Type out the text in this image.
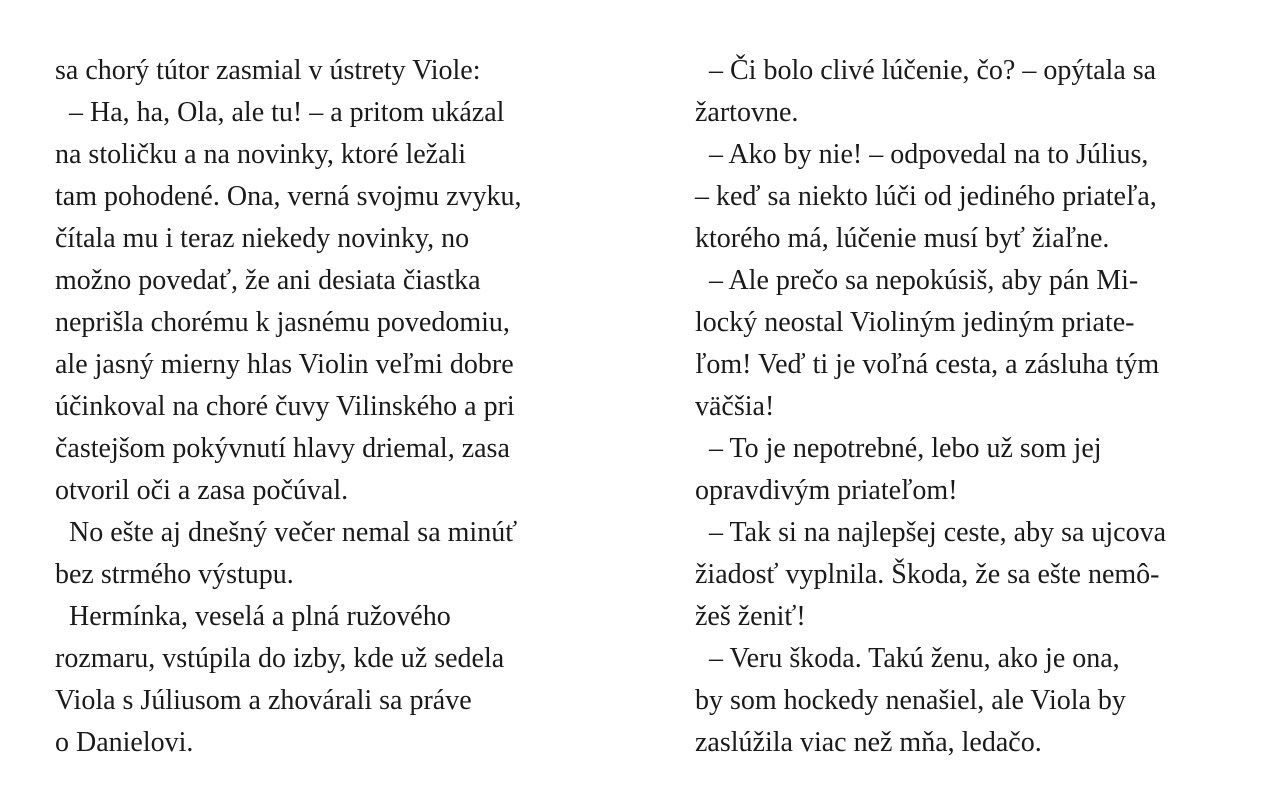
sa chorý tútor zasmial v ústrety Viole:
– Ha, ha, Ola, ale tu! – a pritom ukázal
na stoličku a na novinky, ktoré ležali
tam pohodené. Ona, verná svojmu zvyku,
čítala mu i teraz niekedy novinky, no
možno povedať, že ani desiata čiastka
neprišla chorému k jasnému povedomiu,
ale jasný mierny hlas Violin veľmi dobre
účinkoval na choré čuvy Vilinského a pri
častejšom pokývnutí hlavy driemal, zasa
otvoril oči a zasa počúval.
No ešte aj dnešný večer nemal sa minúť
bez strmého výstupu.
Hermínka, veselá a plná ružového
rozmaru, vstúpila do izby, kde už sedela
Viola s Júliusom a zhovárali sa práve
o Danielovi.
– Či bolo clivé lúčenie, čo? – opýtala sa
žartovne.
– Ako by nie! – odpovedal na to Július,
– keď sa niekto lúči od jediného priateľa,
ktorého má, lúčenie musí byť žiaľne.
– Ale prečo sa nepokúsiš, aby pán Mi-
locký neostal Violiným jediným priate-
ľom! Veď ti je voľná cesta, a zásluha tým
väčšia!
– To je nepotrebné, lebo už som jej
opravdivým priateľom!
– Tak si na najlepšej ceste, aby sa ujcova
žiadosť vyplnila. Škoda, že sa ešte nemô-
žeš ženiť!
– Veru škoda. Takú ženu, ako je ona,
by som hockedy nenašiel, ale Viola by
zaslúžila viac než mňa, ledačo.
